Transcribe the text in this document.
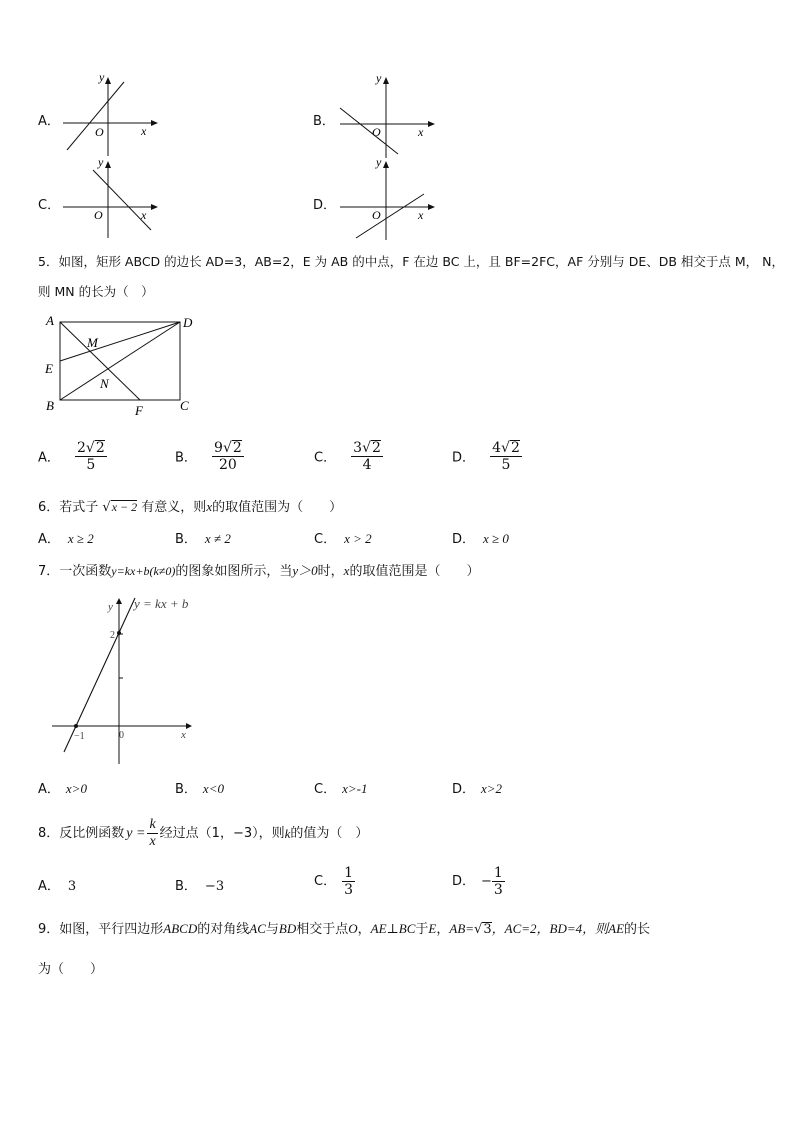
A．
x
y
O
B．
x
y
O
C．
x
y
O
D．
x
y
O
5．如图，矩形 ABCD 的边长 AD=3，AB=2，E 为 AB 的中点，F 在边 BC 上，且 BF=2FC，AF 分别与 DE、DB 相交于点 M， N，
则 MN 的长为（　）
A	D
E
B	C
F
M
N
A． $\frac{2√2}{5}$	B． $\frac{9√2}{20}$	C． $\frac{3√2}{4}$	D． $\frac{4√2}{5}$
6．若式子 √x − 2 有意义，则x的取值范围为（　　）
A． x ≥ 2	B． x ≠ 2	C． x > 2	D． x ≥ 0
7．一次函数y=kx+b(k≠0)的图象如图所示，当y＞0时，x的取值范围是（　　）
y = kx + b
y
x
0
2
−1
A． x>0	B． x<0	C． x>-1	D． x>2
8．反比例函数 $y = \frac{k}{x}$ 经过点（1，−3），则 k 的值为（　）
A． 3	B． −3	C． $\frac{1}{3}$	D． − $\frac{1}{3}$
9．如图，平行四边形ABCD的对角线AC与BD相交于点O，AE⊥BC于E，AB=√3，AC=2，BD=4，则AE的长
为（　　）
